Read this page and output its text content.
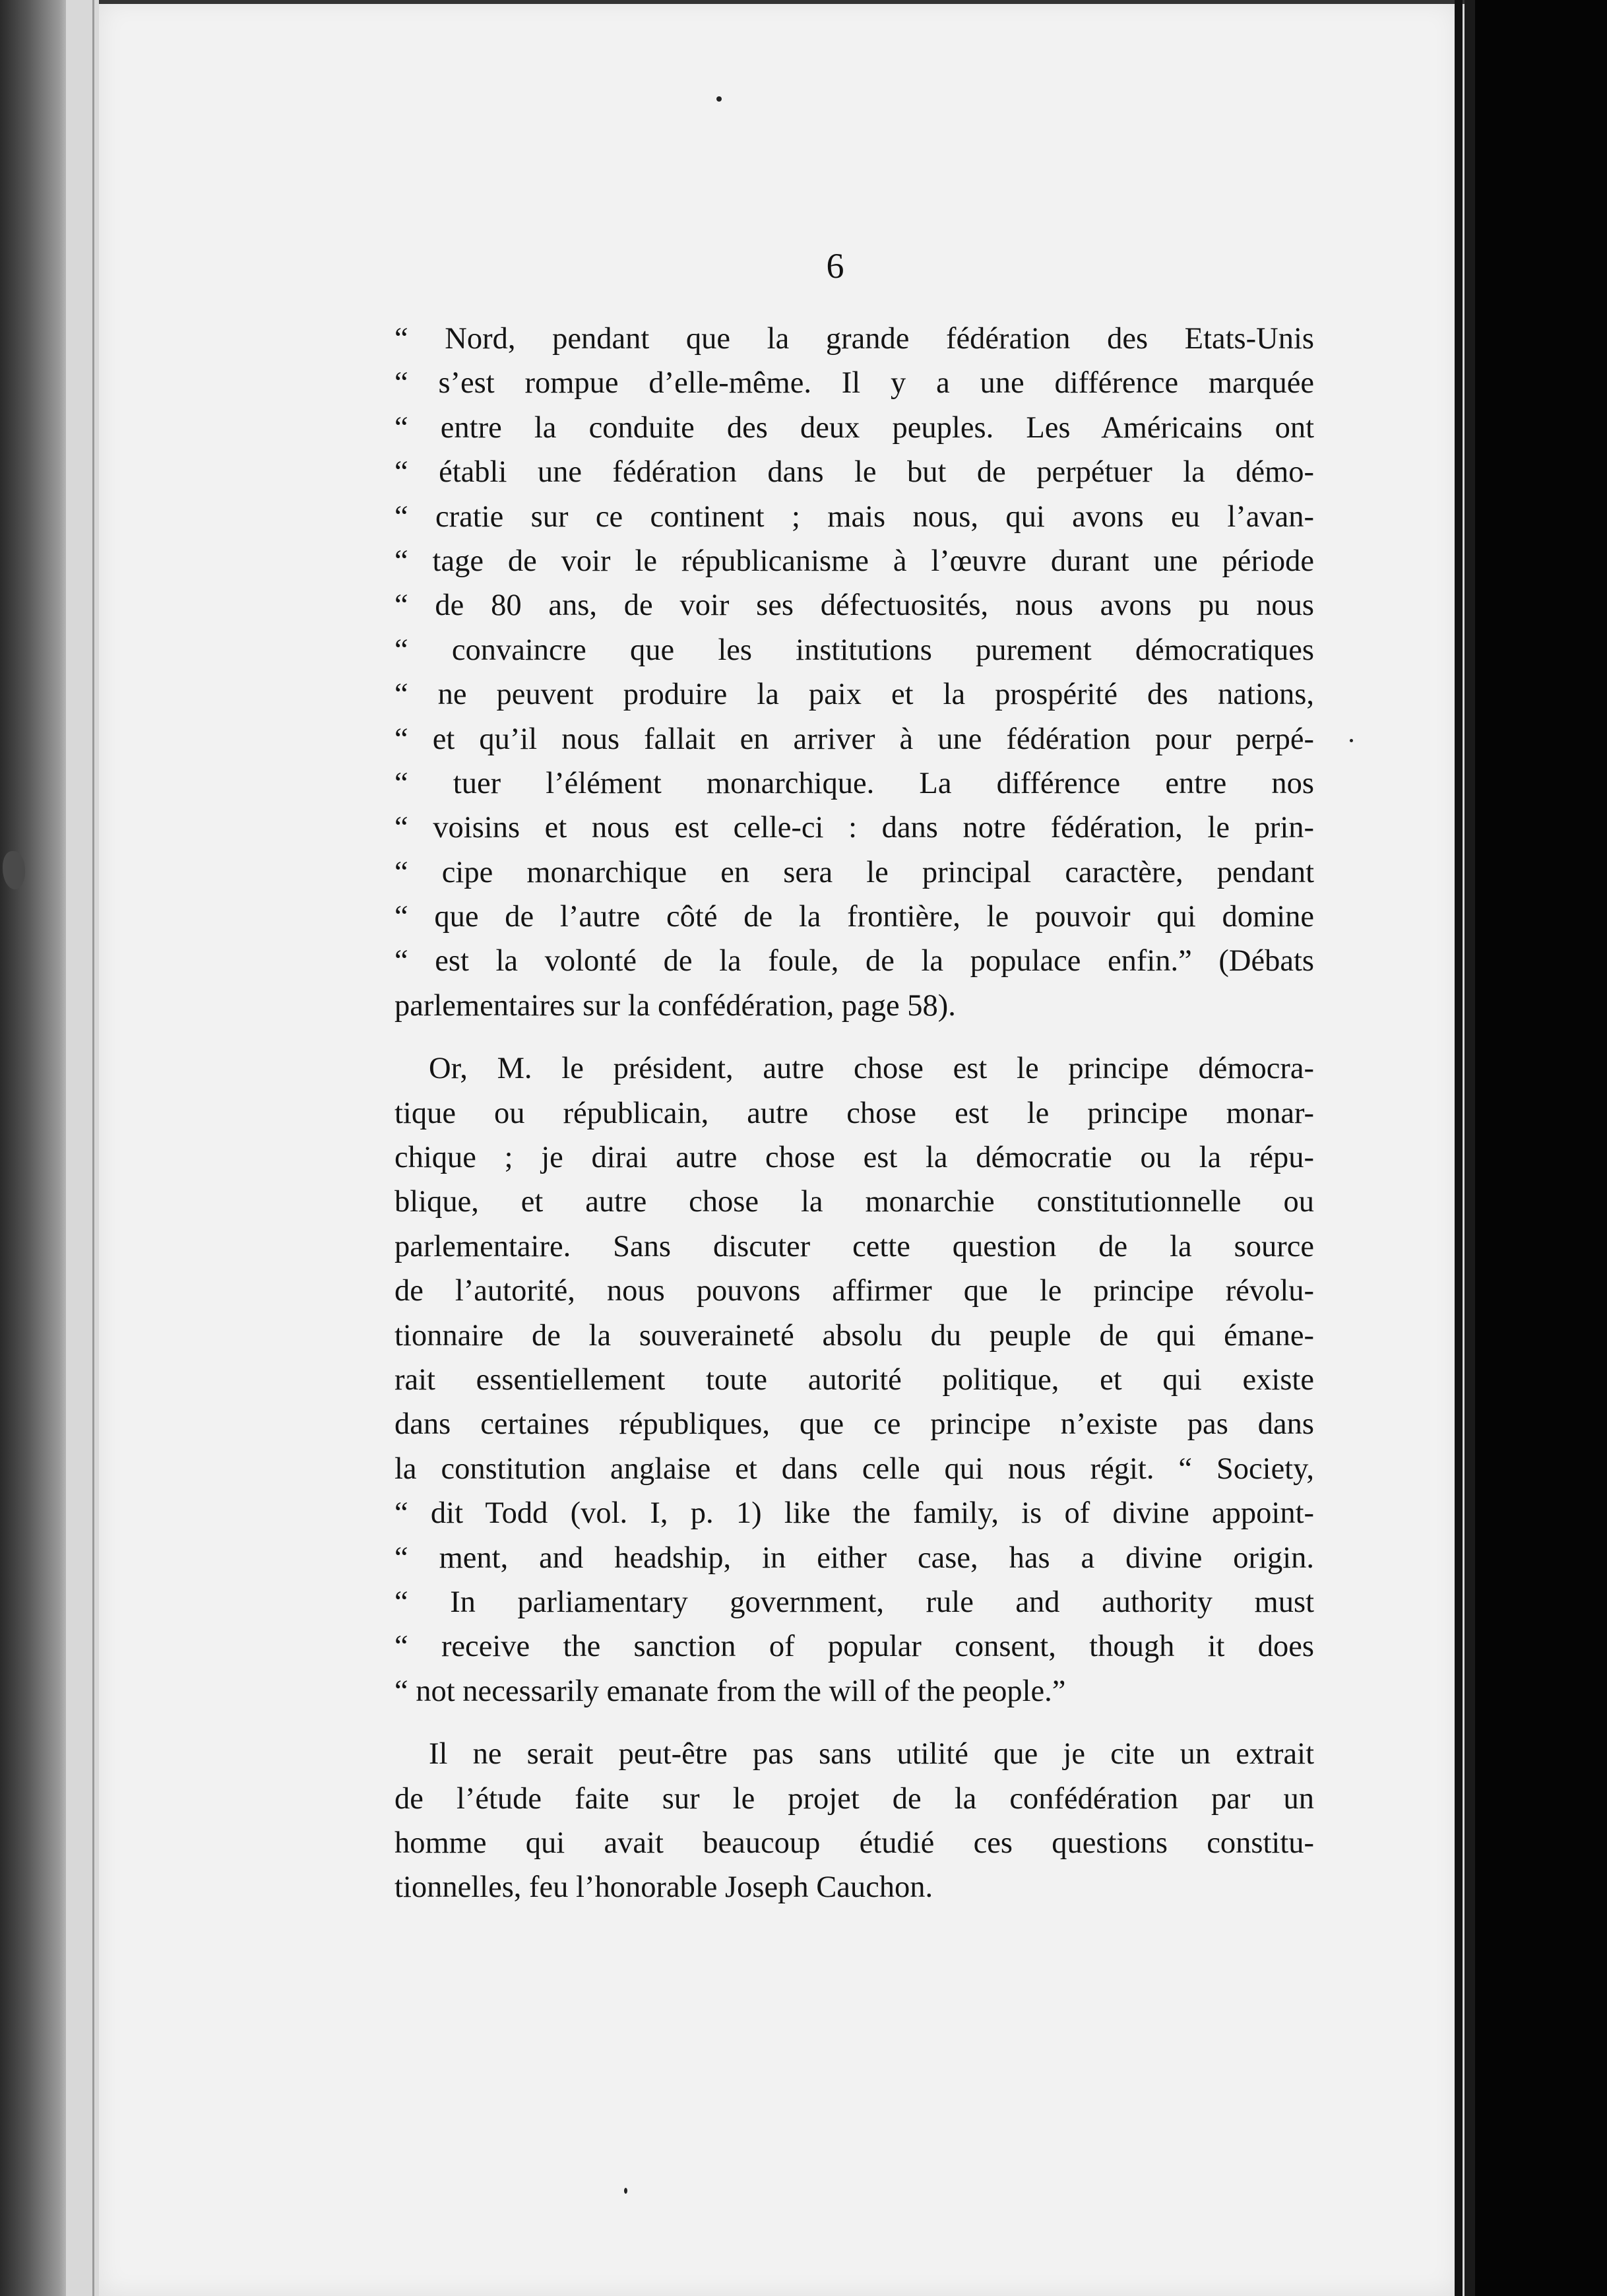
6
“ Nord, pendant que la grande fédération des Etats-Unis
“ s’est rompue d’elle-même. Il y a une différence marquée
“ entre la conduite des deux peuples. Les Américains ont
“ établi une fédération dans le but de perpétuer la démo-
“ cratie sur ce continent ; mais nous, qui avons eu l’avan-
“ tage de voir le républicanisme à l’œuvre durant une période
“ de 80 ans, de voir ses défectuosités, nous avons pu nous
“ convaincre que les institutions purement démocratiques
“ ne peuvent produire la paix et la prospérité des nations,
“ et qu’il nous fallait en arriver à une fédération pour perpé-
“ tuer l’élément monarchique. La différence entre nos
“ voisins et nous est celle-ci : dans notre fédération, le prin-
“ cipe monarchique en sera le principal caractère, pendant
“ que de l’autre côté de la frontière, le pouvoir qui domine
“ est la volonté de la foule, de la populace enfin.” (Débats
parlementaires sur la confédération, page 58).
Or, M. le président, autre chose est le principe démocra-
tique ou républicain, autre chose est le principe monar-
chique ; je dirai autre chose est la démocratie ou la répu-
blique, et autre chose la monarchie constitutionnelle ou
parlementaire. Sans discuter cette question de la source
de l’autorité, nous pouvons affirmer que le principe révolu-
tionnaire de la souveraineté absolu du peuple de qui émane-
rait essentiellement toute autorité politique, et qui existe
dans certaines républiques, que ce principe n’existe pas dans
la constitution anglaise et dans celle qui nous régit. “ Society,
“ dit Todd (vol. I, p. 1) like the family, is of divine appoint-
“ ment, and headship, in either case, has a divine origin.
“ In parliamentary government, rule and authority must
“ receive the sanction of popular consent, though it does
“ not necessarily emanate from the will of the people.”
Il ne serait peut-être pas sans utilité que je cite un extrait
de l’étude faite sur le projet de la confédération par un
homme qui avait beaucoup étudié ces questions constitu-
tionnelles, feu l’honorable Joseph Cauchon.
